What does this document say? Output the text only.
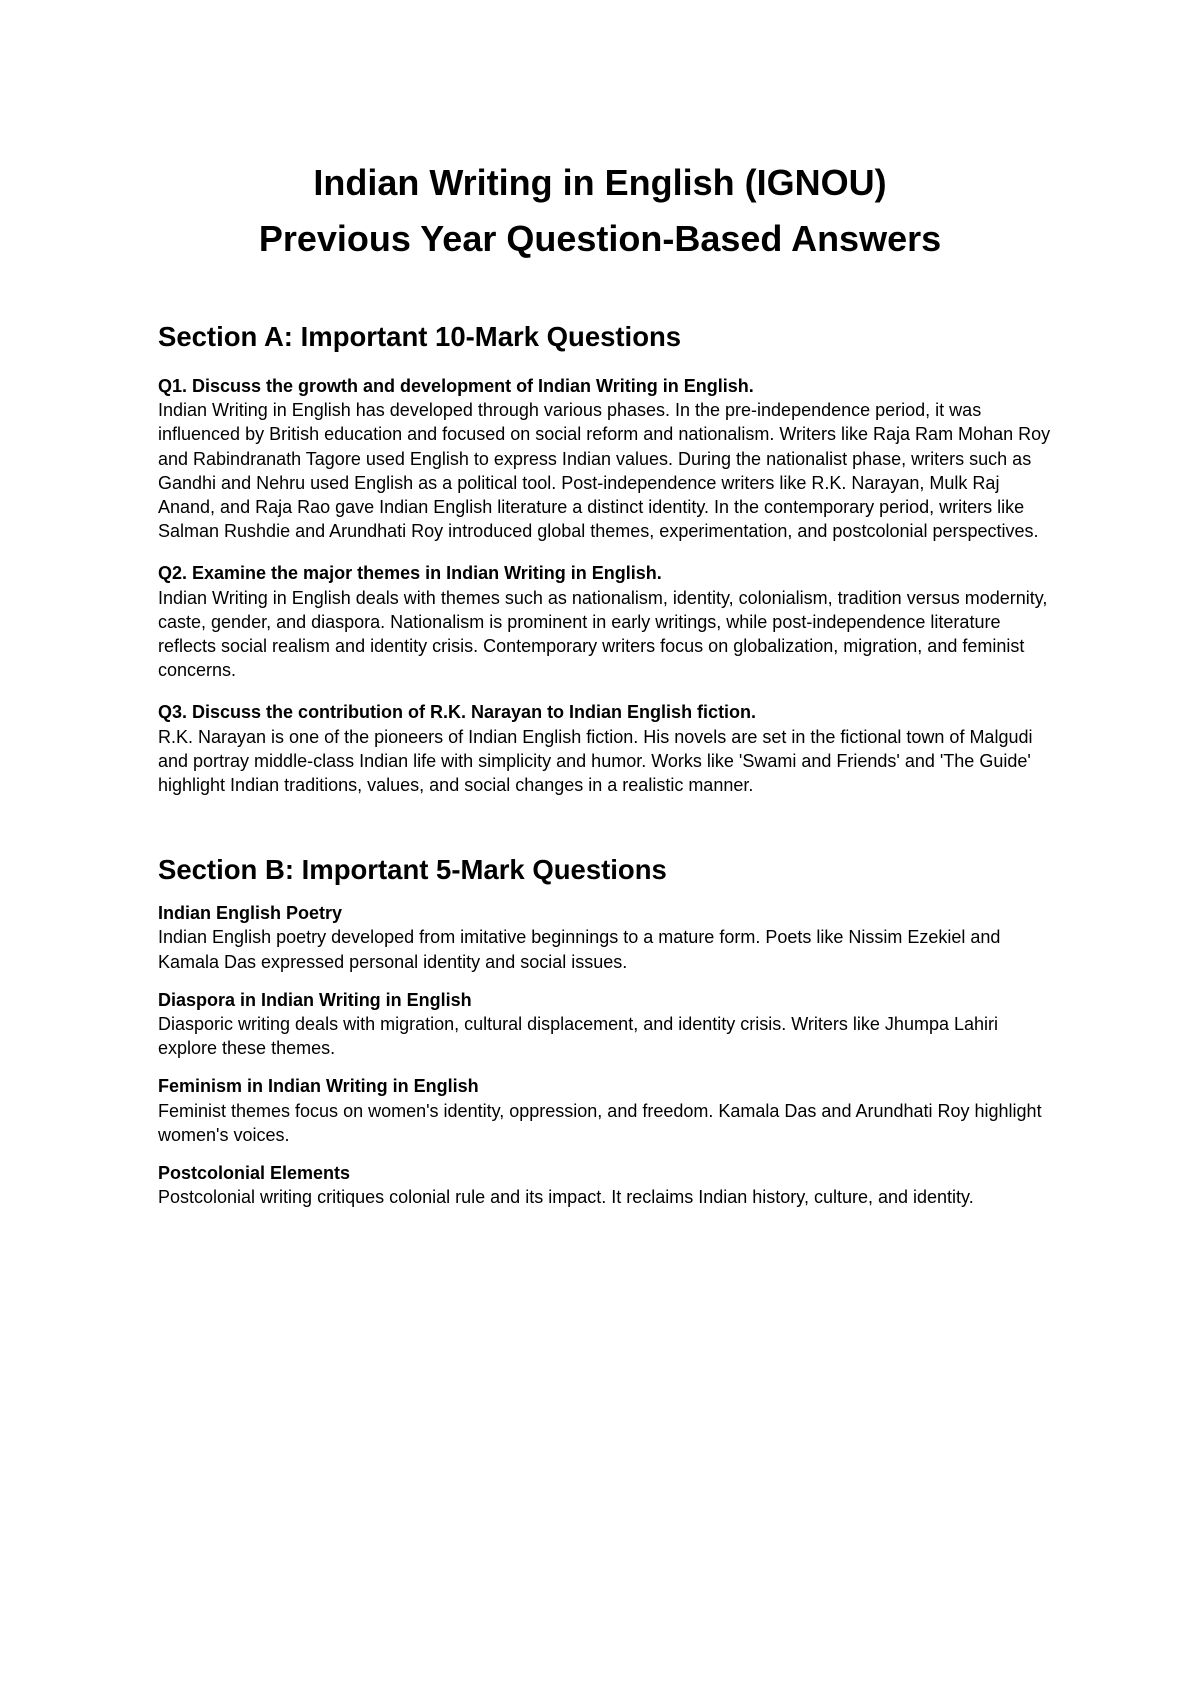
Indian Writing in English (IGNOU)
Previous Year Question-Based Answers
Section A: Important 10-Mark Questions

Q1. Discuss the growth and development of Indian Writing in English.

Indian Writing in English has developed through various phases. In the pre-independence period, it was influenced by British education and focused on social reform and nationalism. Writers like Raja Ram Mohan Roy and Rabindranath Tagore used English to express Indian values. During the nationalist phase, writers such as Gandhi and Nehru used English as a political tool. Post-independence writers like R.K. Narayan, Mulk Raj Anand, and Raja Rao gave Indian English literature a distinct identity. In the contemporary period, writers like Salman Rushdie and Arundhati Roy introduced global themes, experimentation, and postcolonial perspectives.

Q2. Examine the major themes in Indian Writing in English.

Indian Writing in English deals with themes such as nationalism, identity, colonialism, tradition versus modernity, caste, gender, and diaspora. Nationalism is prominent in early writings, while post-independence literature reflects social realism and identity crisis. Contemporary writers focus on globalization, migration, and feminist concerns.

Q3. Discuss the contribution of R.K. Narayan to Indian English fiction.

R.K. Narayan is one of the pioneers of Indian English fiction. His novels are set in the fictional town of Malgudi and portray middle-class Indian life with simplicity and humor. Works like 'Swami and Friends' and 'The Guide' highlight Indian traditions, values, and social changes in a realistic manner.

Section B: Important 5-Mark Questions

Indian English Poetry

Indian English poetry developed from imitative beginnings to a mature form. Poets like Nissim Ezekiel and Kamala Das expressed personal identity and social issues.

Diaspora in Indian Writing in English

Diasporic writing deals with migration, cultural displacement, and identity crisis. Writers like Jhumpa Lahiri explore these themes.

Feminism in Indian Writing in English

Feminist themes focus on women's identity, oppression, and freedom. Kamala Das and Arundhati Roy highlight women's voices.

Postcolonial Elements

Postcolonial writing critiques colonial rule and its impact. It reclaims Indian history, culture, and identity.
